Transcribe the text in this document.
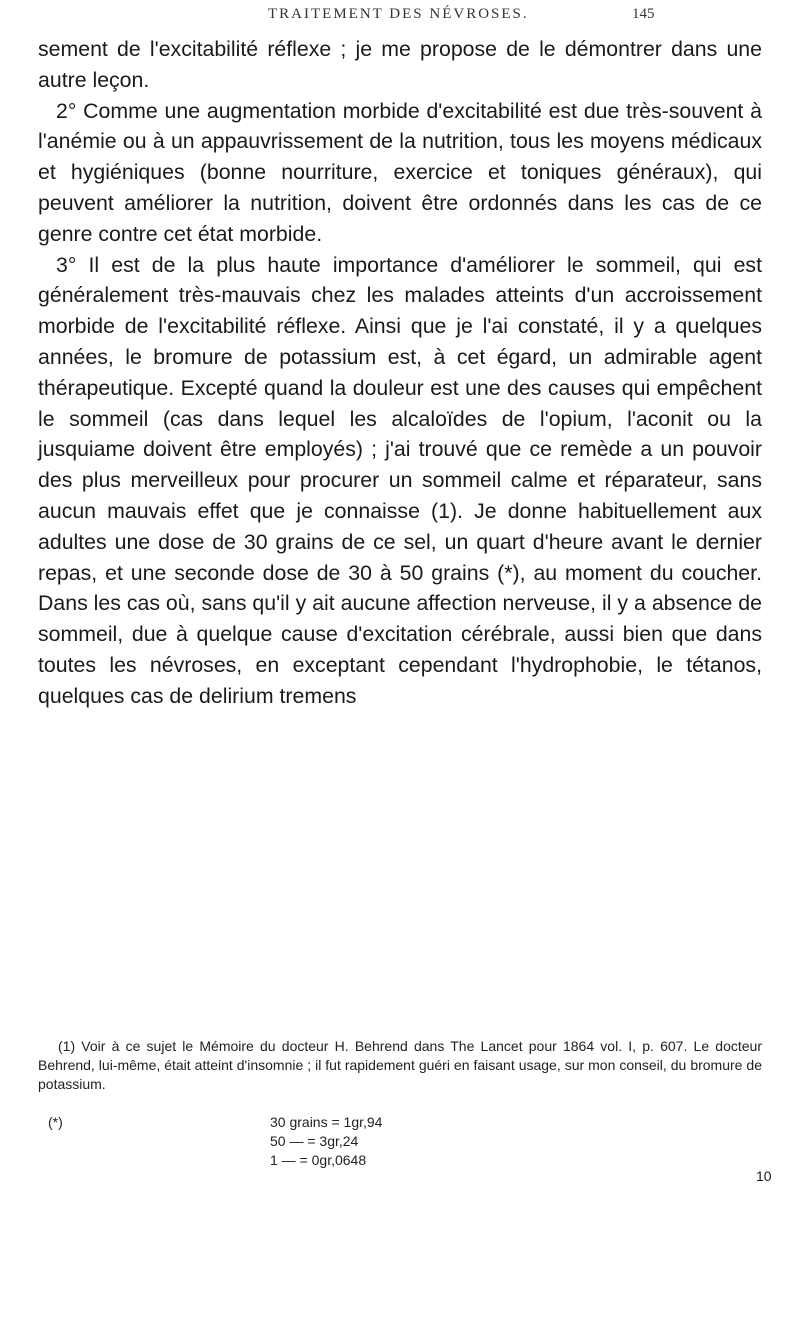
TRAITEMENT DES NÉVROSES.	145

sement de l'excitabilité réflexe ; je me propose de le démontrer dans une autre leçon.

2° Comme une augmentation morbide d'excitabilité est due très-souvent à l'anémie ou à un appauvrissement de la nutrition, tous les moyens médicaux et hygiéniques (bonne nourriture, exercice et toniques généraux), qui peuvent améliorer la nutrition, doivent être ordonnés dans les cas de ce genre contre cet état morbide.

3° Il est de la plus haute importance d'améliorer le sommeil, qui est généralement très-mauvais chez les malades atteints d'un accroissement morbide de l'excitabilité réflexe. Ainsi que je l'ai constaté, il y a quelques années, le bromure de potassium est, à cet égard, un admirable agent thérapeutique. Excepté quand la douleur est une des causes qui empêchent le sommeil (cas dans lequel les alcaloïdes de l'opium, l'aconit ou la jusquiame doivent être employés) ; j'ai trouvé que ce remède a un pouvoir des plus merveilleux pour procurer un sommeil calme et réparateur, sans aucun mauvais effet que je connaisse (1). Je donne habituellement aux adultes une dose de 30 grains de ce sel, un quart d'heure avant le dernier repas, et une seconde dose de 30 à 50 grains (*), au moment du coucher. Dans les cas où, sans qu'il y ait aucune affection nerveuse, il y a absence de sommeil, due à quelque cause d'excitation cérébrale, aussi bien que dans toutes les névroses, en exceptant cependant l'hydrophobie, le tétanos, quelques cas de delirium tremens

(1) Voir à ce sujet le Mémoire du docteur H. Behrend dans The Lancet pour 1864 vol. I, p. 607. Le docteur Behrend, lui-même, était atteint d'insomnie ; il fut rapidement guéri en faisant usage, sur mon conseil, du bromure de potassium.

(*)	30 grains = 1gr,94
50 — = 3gr,24
1 — = 0gr,0648
10
